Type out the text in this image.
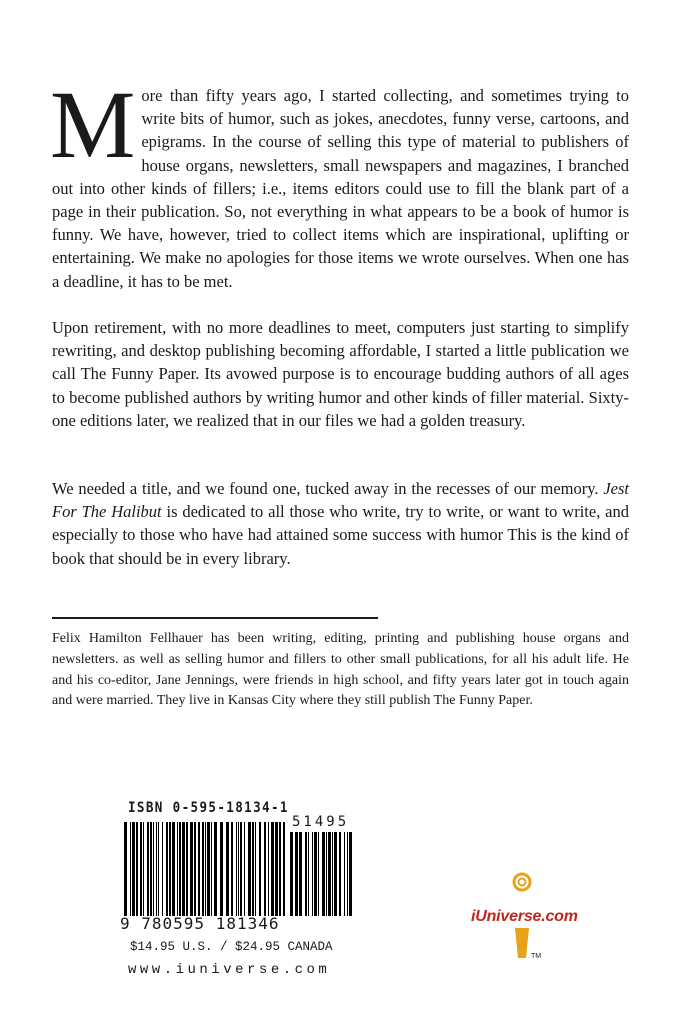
More than fifty years ago, I started collecting, and sometimes trying to write bits of humor, such as jokes, anecdotes, funny verse, cartoons, and epigrams. In the course of selling this type of material to publishers of house organs, newsletters, small newspapers and magazines, I branched out into other kinds of fillers; i.e., items editors could use to fill the blank part of a page in their publication. So, not everything in what appears to be a book of humor is funny. We have, however, tried to collect items which are inspirational, uplifting or entertaining. We make no apologies for those items we wrote ourselves. When one has a deadline, it has to be met.

Upon retirement, with no more deadlines to meet, computers just starting to simplify rewriting, and desktop publishing becoming affordable, I started a little publication we call The Funny Paper. Its avowed purpose is to encourage budding authors of all ages to become published authors by writing humor and other kinds of filler material. Sixty-one editions later, we realized that in our files we had a golden treasury.

We needed a title, and we found one, tucked away in the recesses of our memory. Jest For The Halibut is dedicated to all those who write, try to write, or want to write, and especially to those who have had attained some success with humor This is the kind of book that should be in every library.

Felix Hamilton Fellhauer has been writing, editing, printing and publishing house organs and newsletters. as well as selling humor and fillers to other small publications, for all his adult life. He and his co-editor, Jane Jennings, were friends in high school, and fifty years later got in touch again and were married. They live in Kansas City where they still publish The Funny Paper.

ISBN 0-595-18134-1
51495
9 780595 181346
$14.95 U.S. / $24.95 CANADA
www.iuniverse.com
TM
iUniverse.com
